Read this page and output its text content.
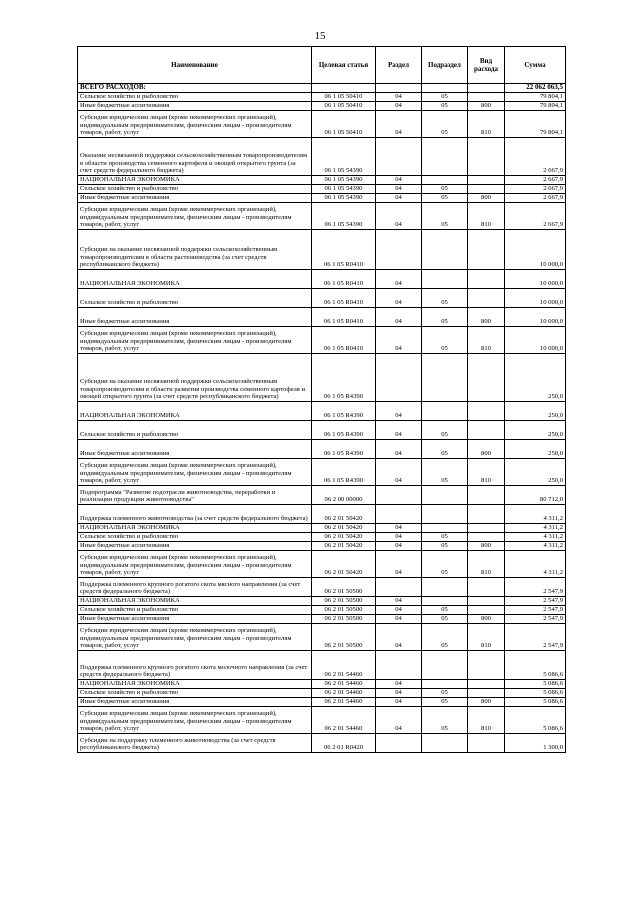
15
Наименование	Целевая статья	Раздел	Подраздел	Вид расхода	Сумма
ВСЕГО РАСХОДОВ:					22 062 063,5
Сельское хозяйство и рыболовство	06 1 05 50410	04	05		79 804,1
Иные бюджетные ассигнования	06 1 05 50410	04	05	800	79 804,1
Субсидии юридическим лицам (кроме некоммерческих организаций), индивидуальным предпринимателям, физическим лицам - производителям товаров, работ, услуг	06 1 05 50410	04	05	810	79 804,1
Оказание несвязанной поддержки сельскохозяйственным товаропроизводителям в области производства семенного картофеля и овощей открытого грунта (за счет средств федерального бюджета)	06 1 05 54390				2 667,9
НАЦИОНАЛЬНАЯ ЭКОНОМИКА	06 1 05 54390	04			2 667,9
Сельское хозяйство и рыболовство	06 1 05 54390	04	05		2 667,9
Иные бюджетные ассигнования	06 1 05 54390	04	05	800	2 667,9
Субсидии юридическим лицам (кроме некоммерческих организаций), индивидуальным предпринимателям, физическим лицам - производителям товаров, работ, услуг	06 1 05 54390	04	05	810	2 667,9
Субсидии на оказание несвязанной поддержки сельскохозяйственным товаропроизводителям в области растениеводства (за счет средств республиканского бюджета)	06 1 05 R0410				10 000,0
НАЦИОНАЛЬНАЯ ЭКОНОМИКА	06 1 05 R0410	04			10 000,0
Сельское хозяйство и рыболовство	06 1 05 R0410	04	05		10 000,0
Иные бюджетные ассигнования	06 1 05 R0410	04	05	800	10 000,0
Субсидии юридическим лицам (кроме некоммерческих организаций), индивидуальным предпринимателям, физическим лицам - производителям товаров, работ, услуг	06 1 05 R0410	04	05	810	10 000,0
Субсидии на оказание несвязанной поддержки сельскохозяйственным товаропроизводителям в области развития производства семенного картофеля и овощей открытого грунта (за счет средств республиканского бюджета)	06 1 05 R4390				250,0
НАЦИОНАЛЬНАЯ ЭКОНОМИКА	06 1 05 R4390	04			250,0
Сельское хозяйство и рыболовство	06 1 05 R4390	04	05		250,0
Иные бюджетные ассигнования	06 1 05 R4390	04	05	800	250,0
Субсидии юридическим лицам (кроме некоммерческих организаций), индивидуальным предпринимателям, физическим лицам - производителям товаров, работ, услуг	06 1 05 R4390	04	05	810	250,0
Подпрограмма "Развитие подотрасли животноводства, переработки и реализации продукции животноводства"	06 2 00 00000				80 712,0
Поддержка племенного животноводства (за счет средств федерального бюджета)	06 2 01 50420				4 311,2
НАЦИОНАЛЬНАЯ ЭКОНОМИКА	06 2 01 50420	04			4 311,2
Сельское хозяйство и рыболовство	06 2 01 50420	04	05		4 311,2
Иные бюджетные ассигнования	06 2 01 50420	04	05	800	4 311,2
Субсидии юридическим лицам (кроме некоммерческих организаций), индивидуальным предпринимателям, физическим лицам - производителям товаров, работ, услуг	06 2 01 50420	04	05	810	4 311,2
Поддержка племенного крупного рогатого скота мясного направления (за счет средств федерального бюджета)	06 2 01 50500				2 547,9
НАЦИОНАЛЬНАЯ ЭКОНОМИКА	06 2 01 50500	04			2 547,9
Сельское хозяйство и рыболовство	06 2 01 50500	04	05		2 547,9
Иные бюджетные ассигнования	06 2 01 50500	04	05	800	2 547,9
Субсидии юридическим лицам (кроме некоммерческих организаций), индивидуальным предпринимателям, физическим лицам - производителям товаров, работ, услуг	06 2 01 50500	04	05	810	2 547,9
Поддержка племенного крупного рогатого скота молочного направления (за счет средств федерального бюджета)	06 2 01 54460				5 086,6
НАЦИОНАЛЬНАЯ ЭКОНОМИКА	06 2 01 54460	04			5 086,6
Сельское хозяйство и рыболовство	06 2 01 54460	04	05		5 086,6
Иные бюджетные ассигнования	06 2 01 54460	04	05	800	5 086,6
Субсидии юридическим лицам (кроме некоммерческих организаций), индивидуальным предпринимателям, физическим лицам - производителям товаров, работ, услуг	06 2 01 54460	04	05	810	5 086,6
Субсидии на поддержку племенного животноводства (за счет средств республиканского бюджета)	06 2 01 R0420				1 300,0
